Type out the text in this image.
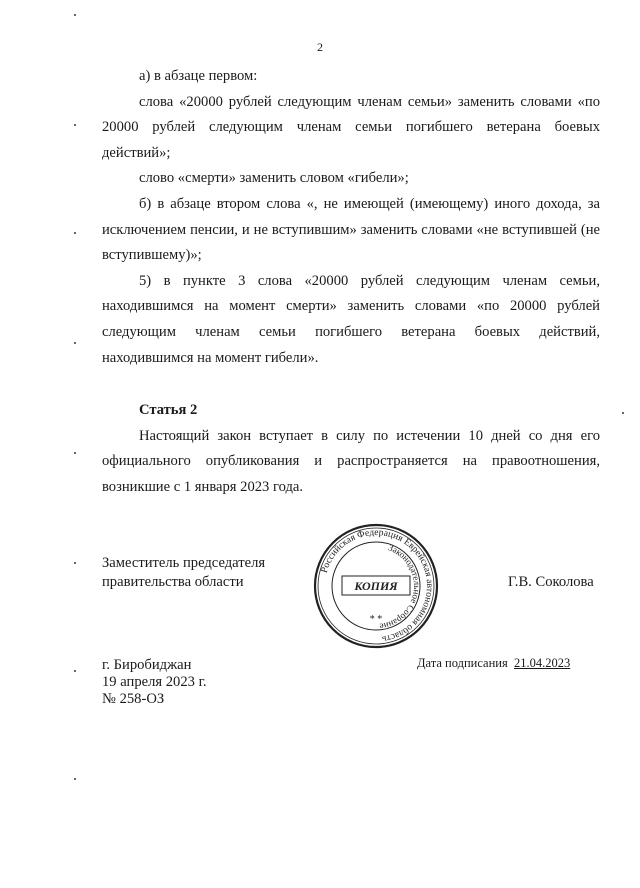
2

а) в абзаце первом:

слова «20000 рублей следующим членам семьи» заменить словами «по 20000 рублей следующим членам семьи погибшего ветерана боевых действий»;

слово «смерти» заменить словом «гибели»;

б) в абзаце втором слова «, не имеющей (имеющему) иного дохода, за исключением пенсии, и не вступившим» заменить словами «не вступившей (не вступившему)»;

5) в пункте 3 слова «20000 рублей следующим членам семьи, находившимся на момент смерти» заменить словами «по 20000 рублей следующим членам семьи погибшего ветерана боевых действий, находившимся на момент гибели».

Статья 2

Настоящий закон вступает в силу по истечении 10 дней со дня его официального опубликования и распространяется на правоотношения, возникшие с 1 января 2023 года.

Заместитель председателя
правительства области	Г.В. Соколова
Российская Федерация Еврейская автономная область
Законодательное Собрание
КОПИЯ
* *
г. Биробиджан
19 апреля 2023 г.
№ 258-ОЗ
Дата подписания 21.04.2023
